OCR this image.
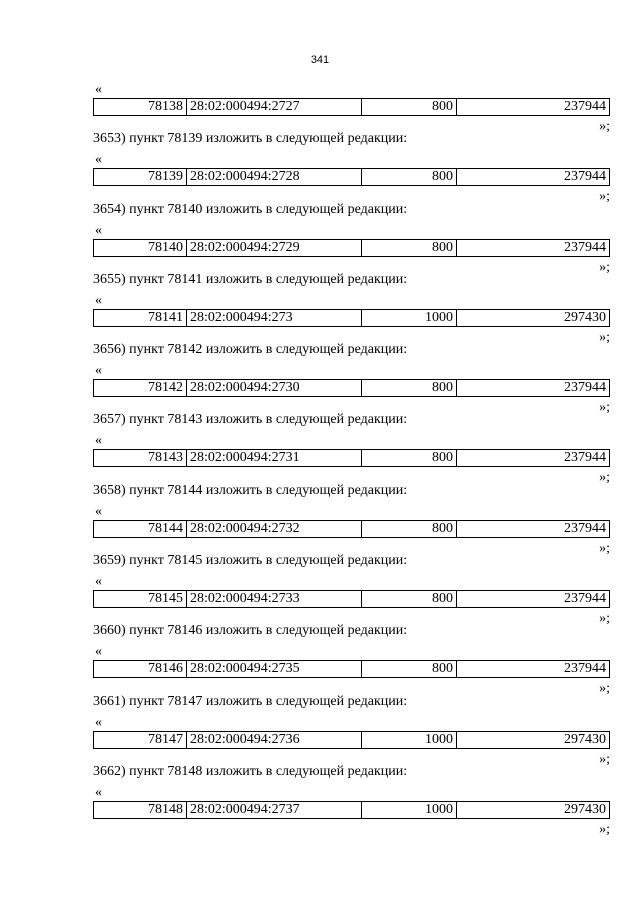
341
«
78138	28:02:000494:2727	800	237944
»;
3653) пункт 78139 изложить в следующей редакции:
«
78139	28:02:000494:2728	800	237944
»;
3654) пункт 78140 изложить в следующей редакции:
«
78140	28:02:000494:2729	800	237944
»;
3655) пункт 78141 изложить в следующей редакции:
«
78141	28:02:000494:273	1000	297430
»;
3656) пункт 78142 изложить в следующей редакции:
«
78142	28:02:000494:2730	800	237944
»;
3657) пункт 78143 изложить в следующей редакции:
«
78143	28:02:000494:2731	800	237944
»;
3658) пункт 78144 изложить в следующей редакции:
«
78144	28:02:000494:2732	800	237944
»;
3659) пункт 78145 изложить в следующей редакции:
«
78145	28:02:000494:2733	800	237944
»;
3660) пункт 78146 изложить в следующей редакции:
«
78146	28:02:000494:2735	800	237944
»;
3661) пункт 78147 изложить в следующей редакции:
«
78147	28:02:000494:2736	1000	297430
»;
3662) пункт 78148 изложить в следующей редакции:
«
78148	28:02:000494:2737	1000	297430
»;
